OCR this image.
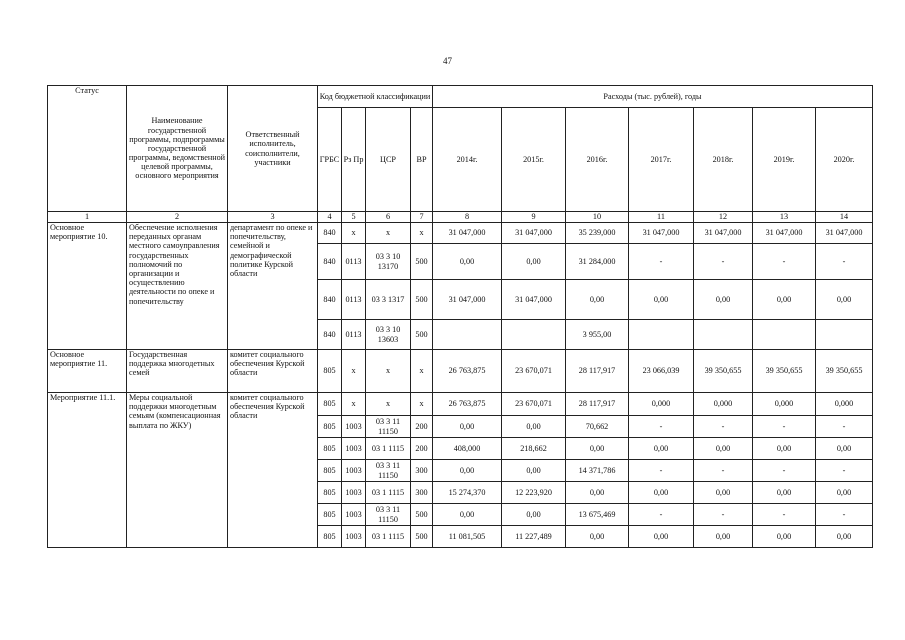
47
Статус	Наименование государственной программы, подпрограммы государственной программы, ведомственной целевой программы, основного мероприятия	Ответственный исполнитель, соисполнители, участники	Код бюджетной классификации				Расходы (тыс. рублей), годы						
			ГРБС	Рз Пр	ЦСР	ВР	2014г.	2015г.	2016г.	2017г.	2018г.	2019г.	2020г.
1	2	3	4	5	6	7	8	9	10	11	12	13	14
Основное мероприятие 10.	Обеспечение исполнения переданных органам местного самоуправления государственных полномочий по организации и осуществлению деятельности по опеке и попечительству	департамент по опеке и попечительству, семейной и демографической политике Курской области	840	х	х	х	31 047,000	31 047,000	35 239,000	31 047,000	31 047,000	31 047,000	31 047,000
			840	0113	03 3 10 13170	500	0,00	0,00	31 284,000	-	-	-	-
			840	0113	03 3 1317	500	31 047,000	31 047,000	0,00	0,00	0,00	0,00	0,00
			840	0113	03 3 10 13603	500			3 955,00				
Основное мероприятие 11.	Государственная поддержка многодетных семей	комитет социального обеспечения Курской области	805	х	х	х	26 763,875	23 670,071	28 117,917	23 066,039	39 350,655	39 350,655	39 350,655
Мероприятие 11.1.	Меры социальной поддержки многодетным семьям (компенсационная выплата по ЖКУ)	комитет социального обеспечения Курской области	805	х	х	х	26 763,875	23 670,071	28 117,917	0,000	0,000	0,000	0,000
			805	1003	03 3 11 11150	200	0,00	0,00	70,662	-	-	-	-
			805	1003	03 1 1115	200	408,000	218,662	0,00	0,00	0,00	0,00	0,00
			805	1003	03 3 11 11150	300	0,00	0,00	14 371,786	-	-	-	-
			805	1003	03 1 1115	300	15 274,370	12 223,920	0,00	0,00	0,00	0,00	0,00
			805	1003	03 3 11 11150	500	0,00	0,00	13 675,469	-	-	-	-
			805	1003	03 1 1115	500	11 081,505	11 227,489	0,00	0,00	0,00	0,00	0,00
